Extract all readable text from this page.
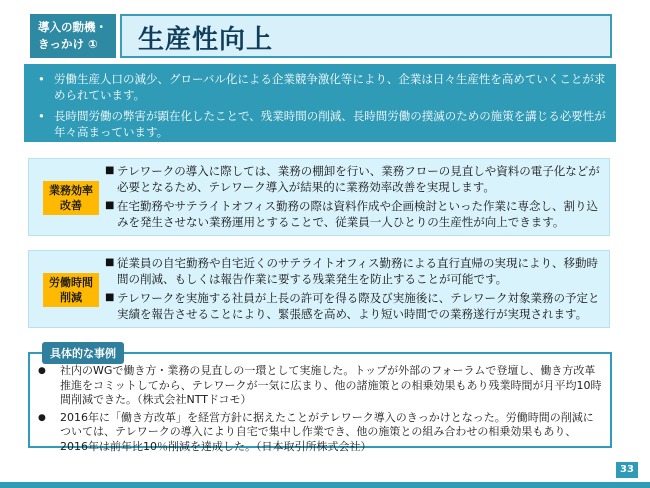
導入の動機・
きっかけ ①	生産性向上
• 労働生産人口の減少、グローバル化による企業競争激化等により、企業は日々生産性を高めていくことが求められています。
• 長時間労働の弊害が顕在化したことで、残業時間の削減、長時間労働の撲滅のための施策を講じる必要性が年々高まっています。
業務効率
改善
■ テレワークの導入に際しては、業務の棚卸を行い、業務フローの見直しや資料の電子化などが必要となるため、テレワーク導入が結果的に業務効率改善を実現します。
■ 在宅勤務やサテライトオフィス勤務の際は資料作成や企画検討といった作業に専念し、割り込みを発生させない業務運用とすることで、従業員一人ひとりの生産性が向上できます。
労働時間
削減
■ 従業員の自宅勤務や自宅近くのサテライトオフィス勤務による直行直帰の実現により、移動時間の削減、もしくは報告作業に要する残業発生を防止することが可能です。
■ テレワークを実施する社員が上長の許可を得る際及び実施後に、テレワーク対象業務の予定と実績を報告させることにより、緊張感を高め、より短い時間での業務遂行が実現されます。
● 社内のWGで働き方・業務の見直しの一環として実施した。トップが外部のフォーラムで登壇し、働き方改革推進をコミットしてから、テレワークが一気に広まり、他の諸施策との相乗効果もあり残業時間が月平均10時間削減できた。（株式会社NTTドコモ）
● 2016年に「働き方改革」を経営方針に据えたことがテレワーク導入のきっかけとなった。労働時間の削減については、テレワークの導入により自宅で集中し作業でき、他の施策との組み合わせの相乗効果もあり、2016年は前年比10％削減を達成した。（日本取引所株式会社）
具体的な事例
33
